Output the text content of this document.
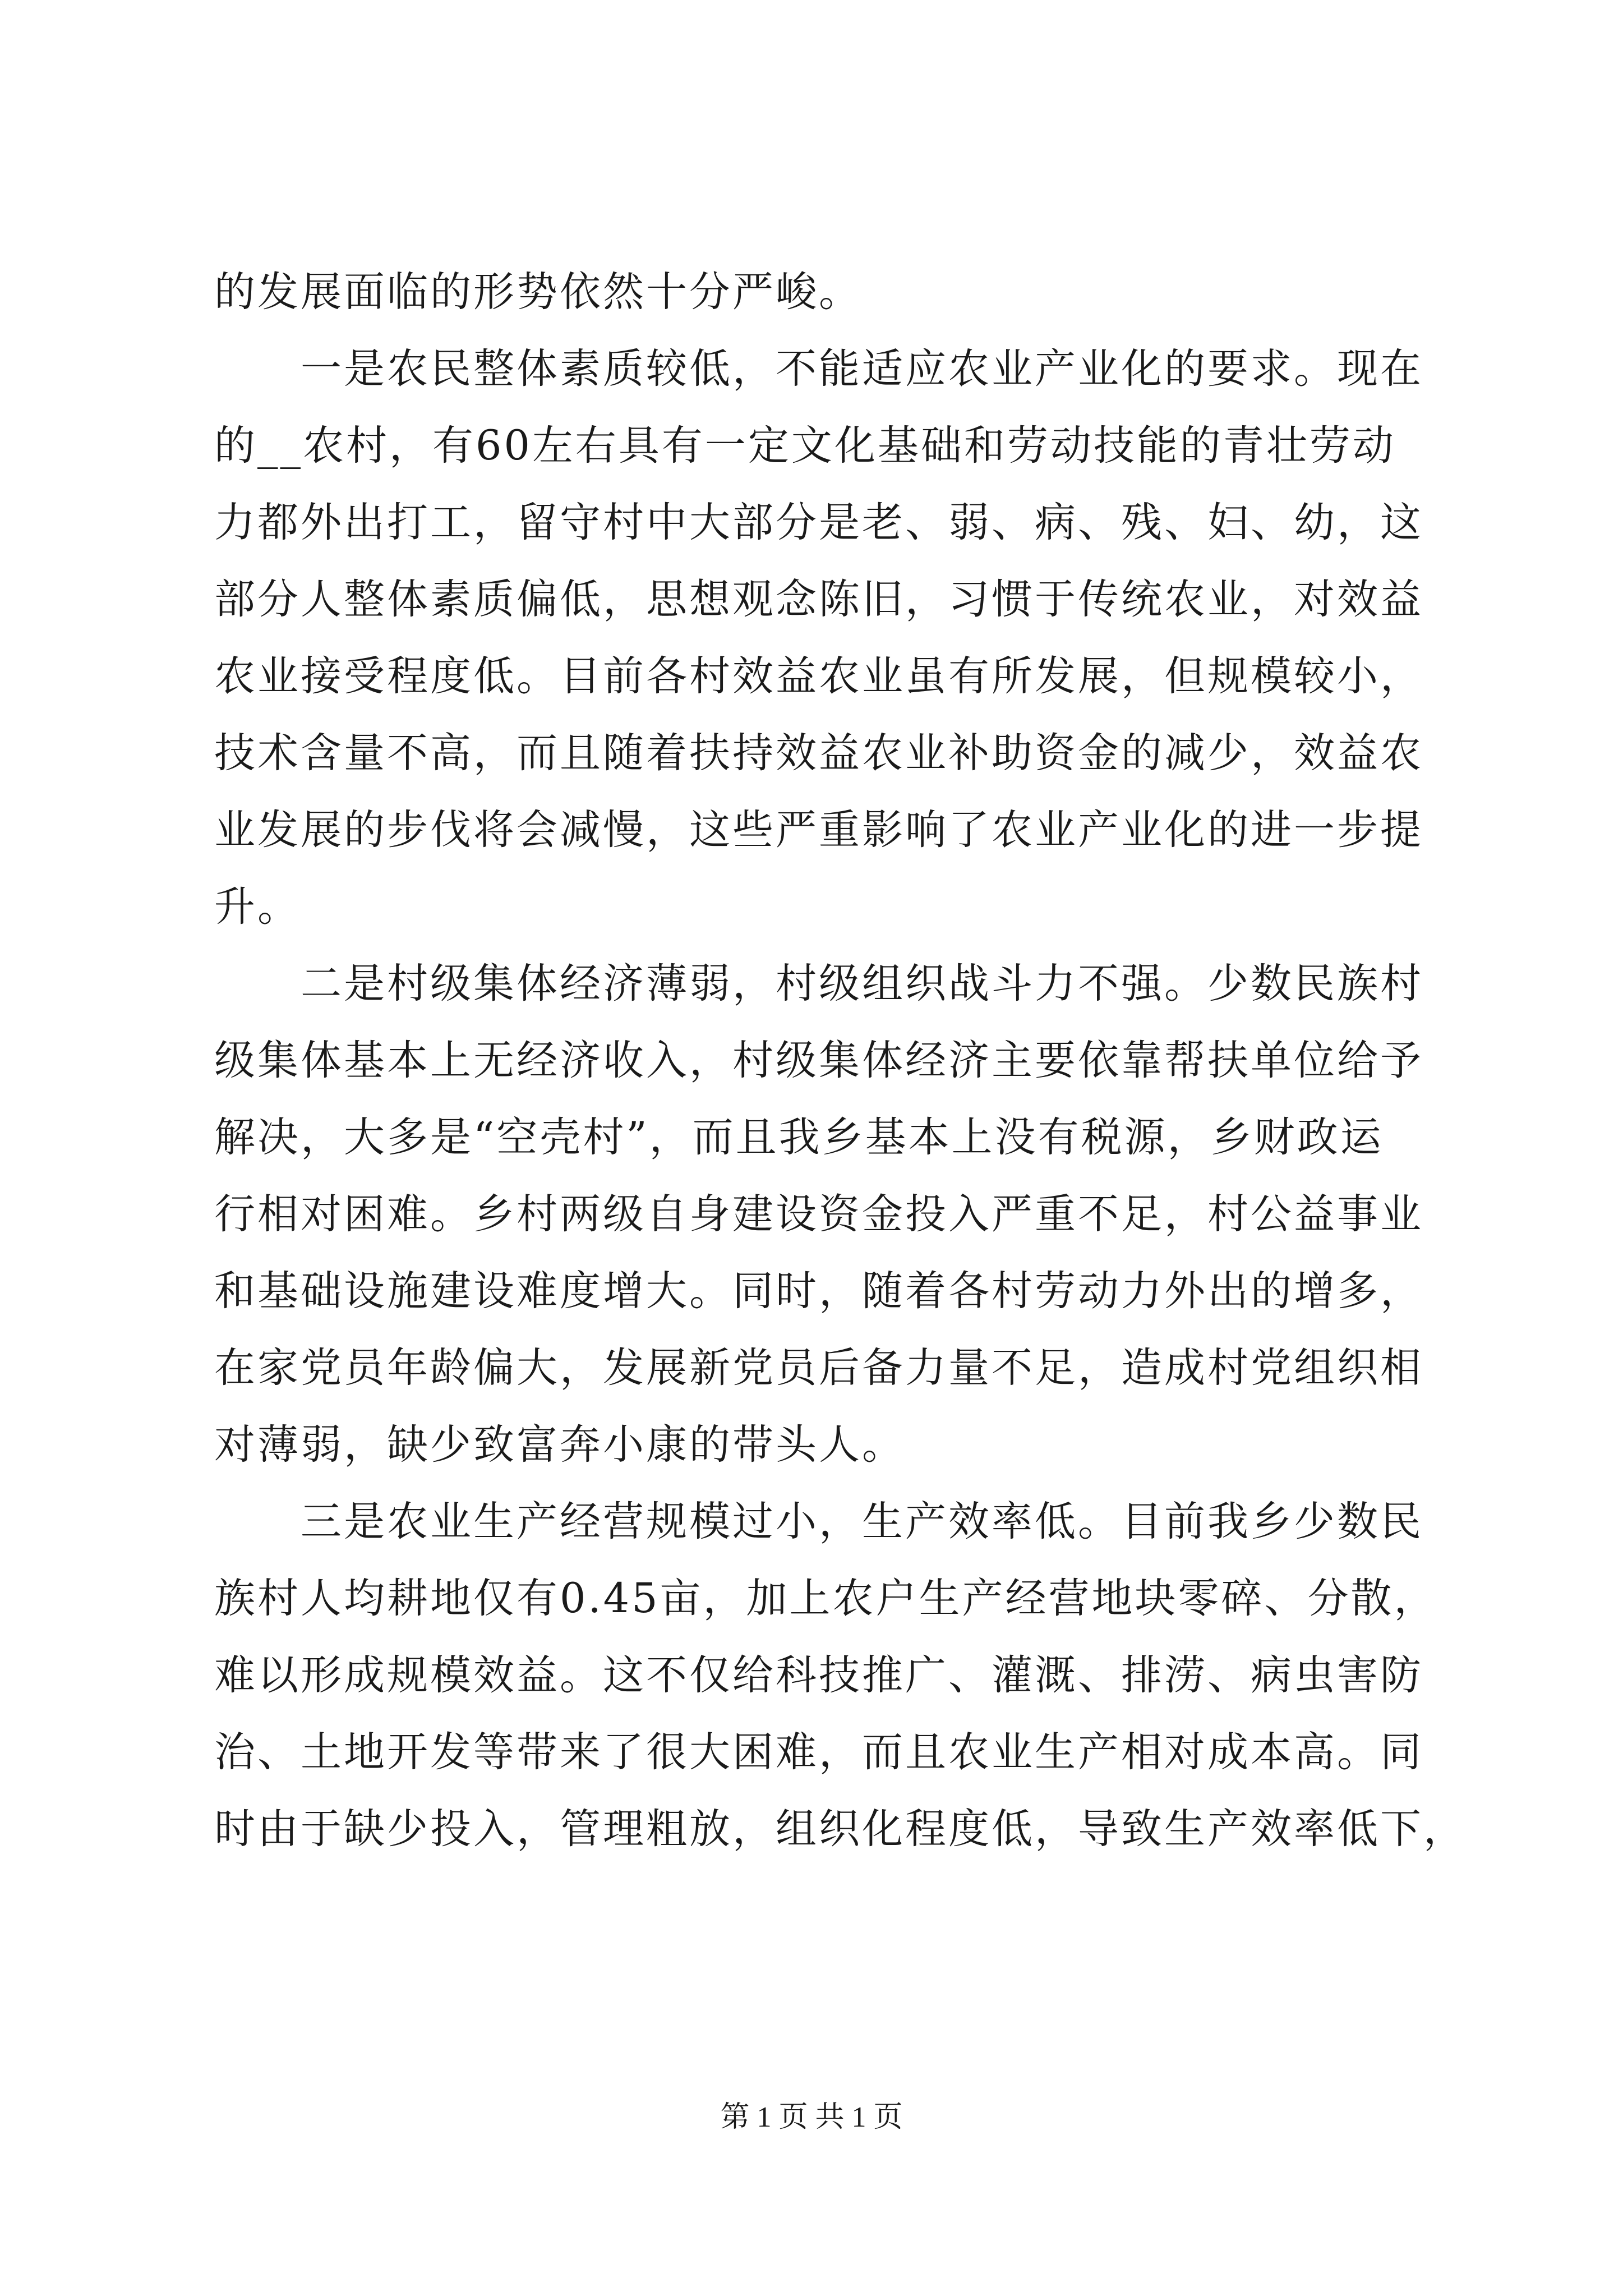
的发展面临的形势依然十分严峻。
　　一是农民整体素质较低，不能适应农业产业化的要求。现在
的__农村，有60左右具有一定文化基础和劳动技能的青壮劳动
力都外出打工，留守村中大部分是老、弱、病、残、妇、幼，这
部分人整体素质偏低，思想观念陈旧，习惯于传统农业，对效益
农业接受程度低。目前各村效益农业虽有所发展，但规模较小，
技术含量不高，而且随着扶持效益农业补助资金的减少，效益农
业发展的步伐将会减慢，这些严重影响了农业产业化的进一步提
升。
　　二是村级集体经济薄弱，村级组织战斗力不强。少数民族村
级集体基本上无经济收入，村级集体经济主要依靠帮扶单位给予
解决，大多是“空壳村”，而且我乡基本上没有税源，乡财政运
行相对困难。乡村两级自身建设资金投入严重不足，村公益事业
和基础设施建设难度增大。同时，随着各村劳动力外出的增多，
在家党员年龄偏大，发展新党员后备力量不足，造成村党组织相
对薄弱，缺少致富奔小康的带头人。
　　三是农业生产经营规模过小，生产效率低。目前我乡少数民
族村人均耕地仅有0.45亩，加上农户生产经营地块零碎、分散，
难以形成规模效益。这不仅给科技推广、灌溉、排涝、病虫害防
治、土地开发等带来了很大困难，而且农业生产相对成本高。同
时由于缺少投入，管理粗放，组织化程度低，导致生产效率低下，
第 1 页 共 1 页
